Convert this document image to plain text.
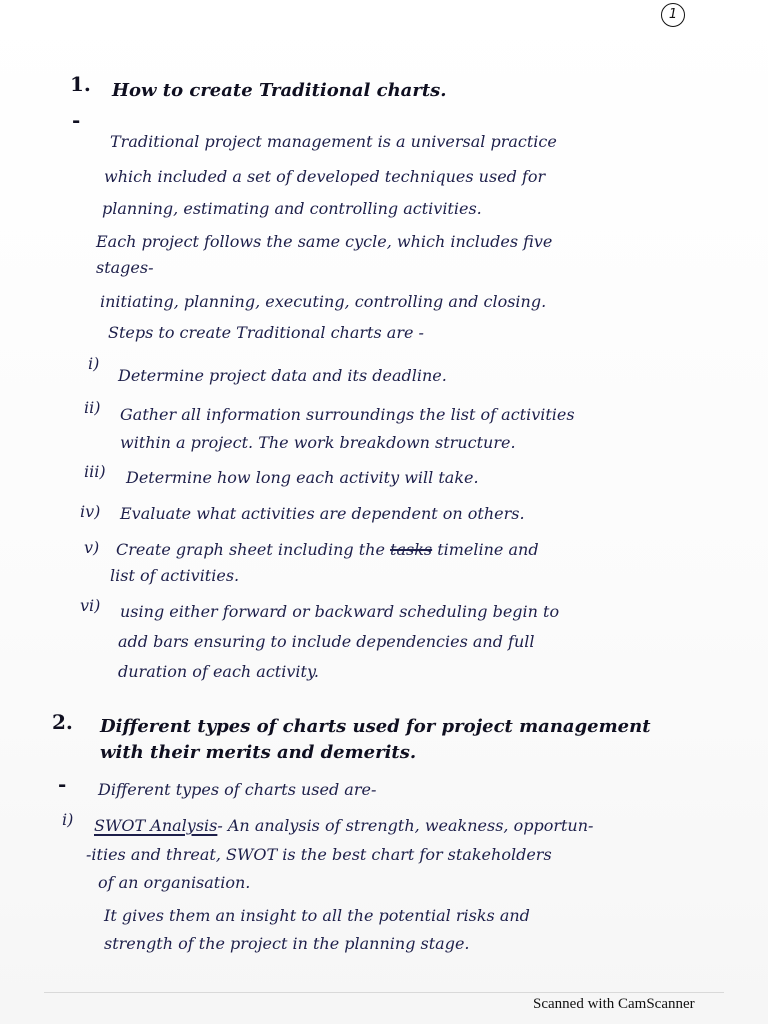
1
1. How to create Traditional charts.
-
Traditional project management is a universal practice
which included a set of developed techniques used for
planning, estimating and controlling activities.
Each project follows the same cycle, which includes five
stages-
initiating, planning, executing, controlling and closing.
Steps to create Traditional charts are -
i)
Determine project data and its deadline.
ii) Gather all information surroundings the list of activities
within a project. The work breakdown structure.
iii) Determine how long each activity will take.
iv) Evaluate what activities are dependent on others.
v) Create graph sheet including the tasks timeline and
list of activities.
vi) using either forward or backward scheduling begin to
add bars ensuring to include dependencies and full
duration of each activity.
2. Different types of charts used for project management
with their merits and demerits.
- Different types of charts used are-
i) SWOT Analysis- An analysis of strength, weakness, opportun-
-ities and threat, SWOT is the best chart for stakeholders
of an organisation.
It gives them an insight to all the potential risks and
strength of the project in the planning stage.
Scanned with CamScanner
